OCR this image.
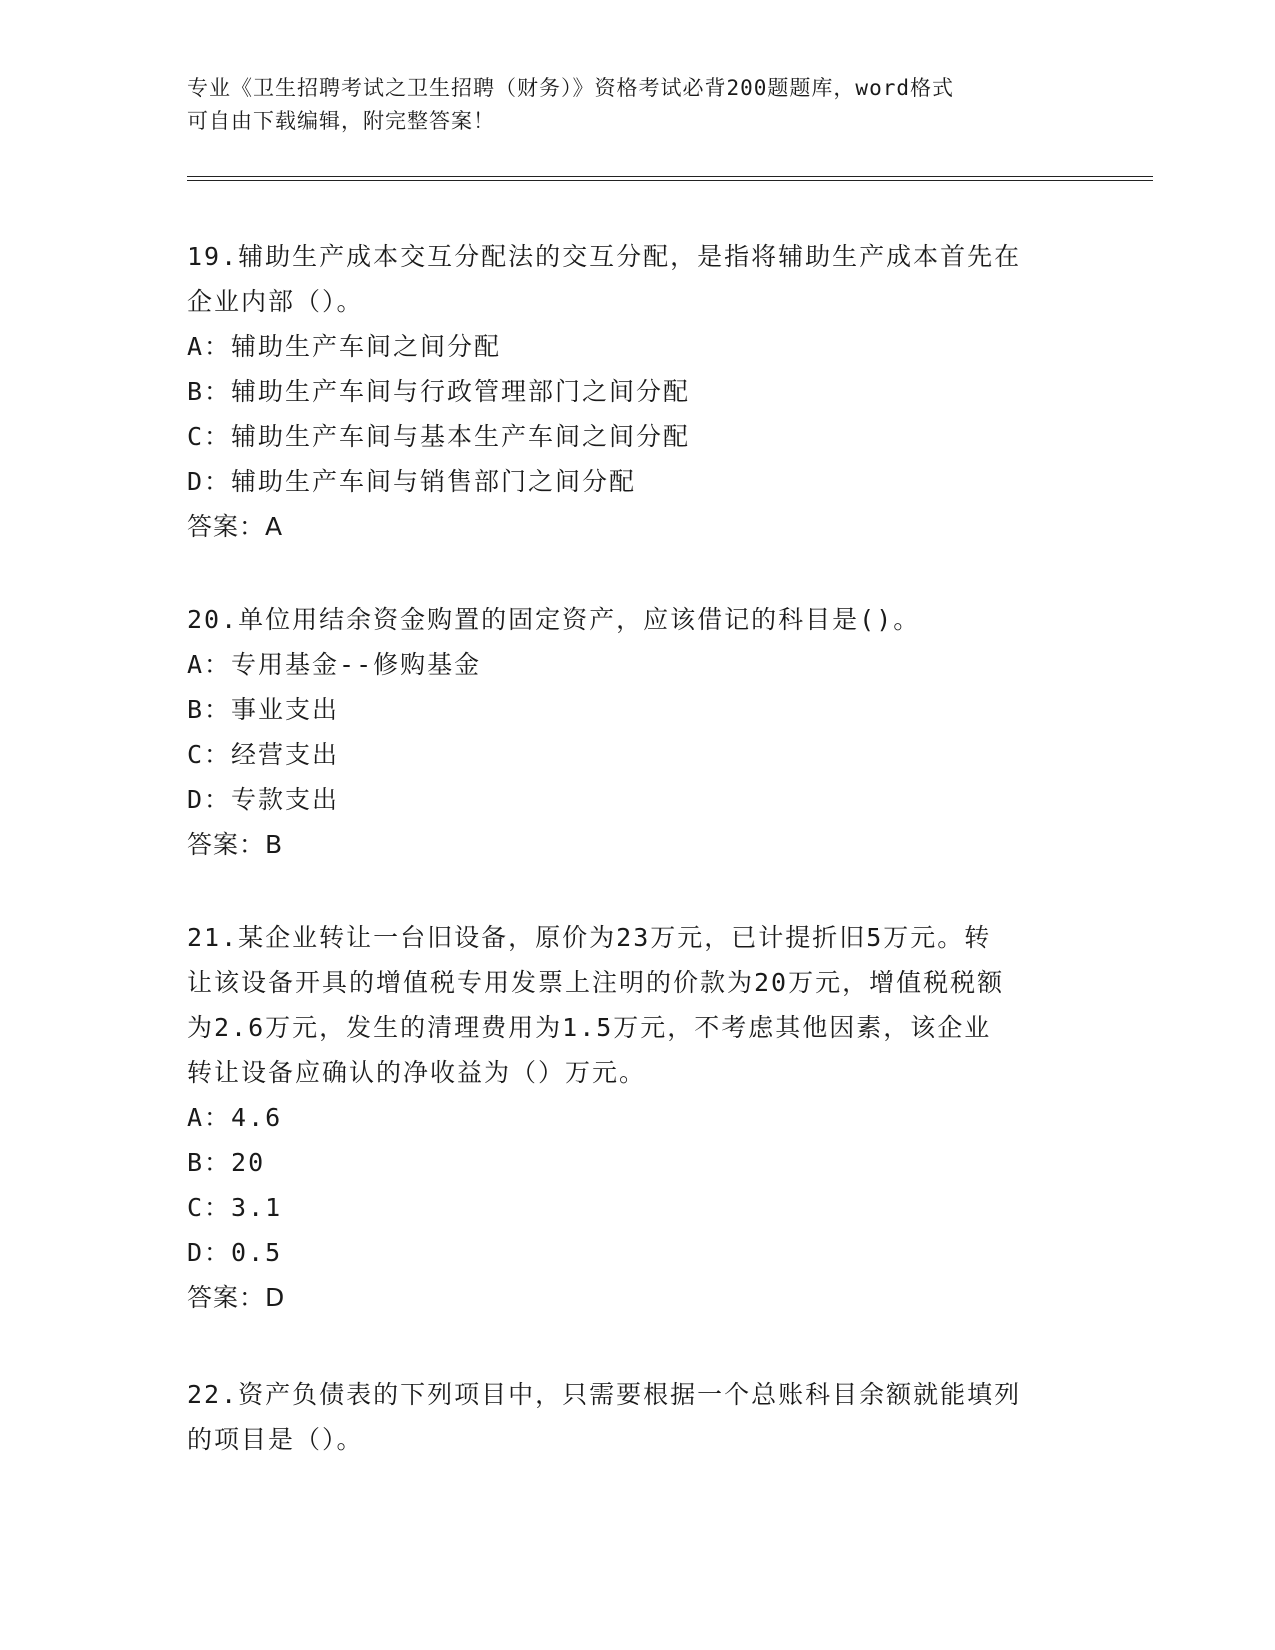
专业《卫生招聘考试之卫生招聘（财务）》资格考试必背200题题库，word格式
可自由下载编辑，附完整答案！
19.辅助生产成本交互分配法的交互分配，是指将辅助生产成本首先在
企业内部（）。
A：辅助生产车间之间分配
B：辅助生产车间与行政管理部门之间分配
C：辅助生产车间与基本生产车间之间分配
D：辅助生产车间与销售部门之间分配
答案：A
20.单位用结余资金购置的固定资产，应该借记的科目是()。
A：专用基金--修购基金
B：事业支出
C：经营支出
D：专款支出
答案：B
21.某企业转让一台旧设备，原价为23万元，已计提折旧5万元。转
让该设备开具的增值税专用发票上注明的价款为20万元，增值税税额
为2.6万元，发生的清理费用为1.5万元，不考虑其他因素，该企业
转让设备应确认的净收益为（）万元。
A：4.6
B：20
C：3.1
D：0.5
答案：D
22.资产负债表的下列项目中，只需要根据一个总账科目余额就能填列
的项目是（）。
